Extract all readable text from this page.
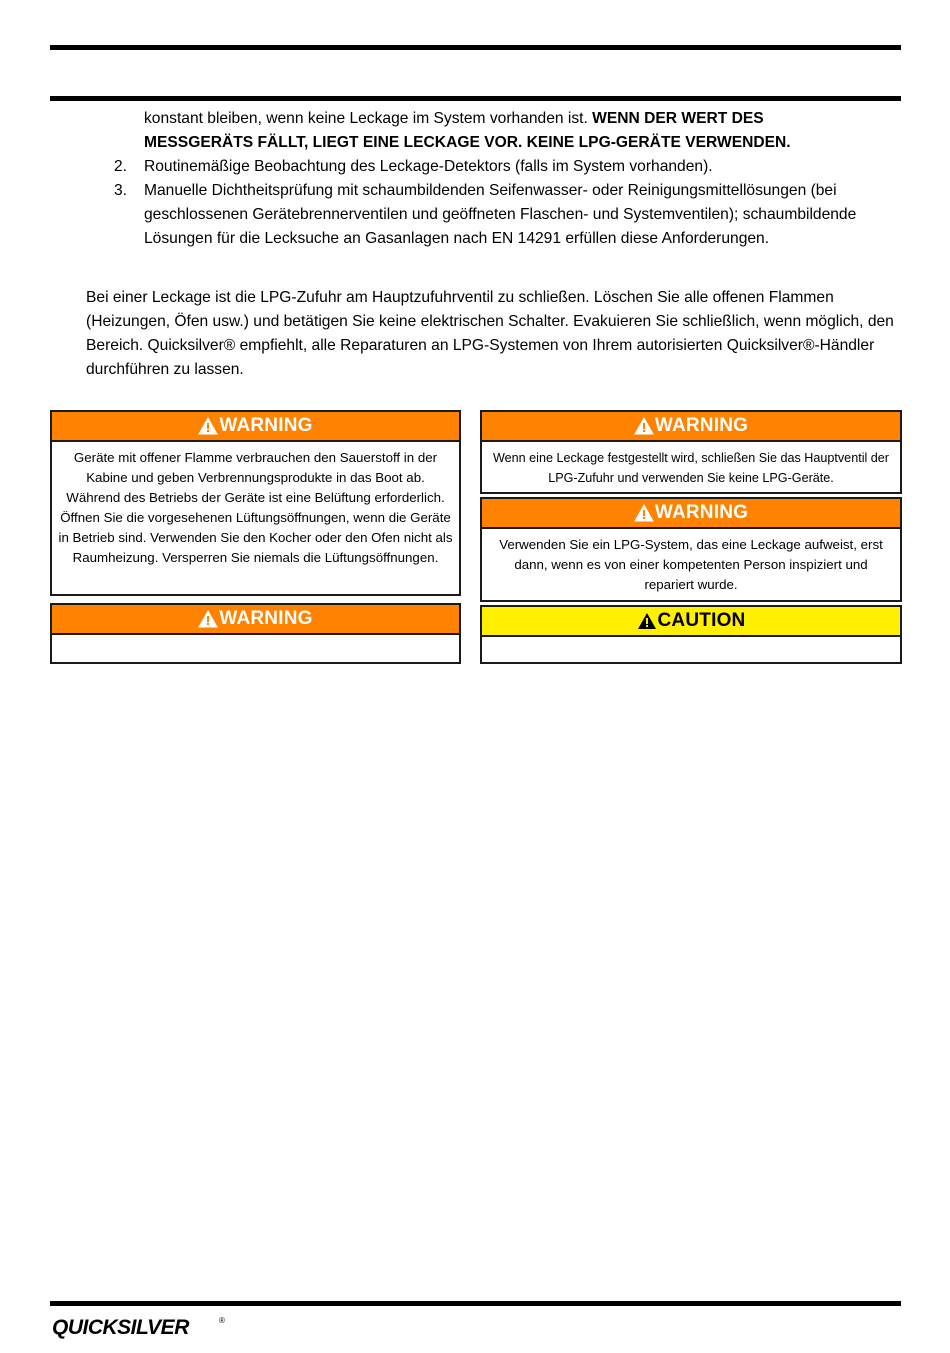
konstant bleiben, wenn keine Leckage im System vorhanden ist. WENN DER WERT DES MESSGERÄTS FÄLLT, LIEGT EINE LECKAGE VOR. KEINE LPG-GERÄTE VERWENDEN.
2. Routinemäßige Beobachtung des Leckage-Detektors (falls im System vorhanden).
3. Manuelle Dichtheitsprüfung mit schaumbildenden Seifenwasser- oder Reinigungsmittellösungen (bei geschlossenen Gerätebrennerventilen und geöffneten Flaschen- und Systemventilen); schaumbildende Lösungen für die Lecksuche an Gasanlagen nach EN 14291 erfüllen diese Anforderungen.
Bei einer Leckage ist die LPG-Zufuhr am Hauptzufuhrventil zu schließen. Löschen Sie alle offenen Flammen (Heizungen, Öfen usw.) und betätigen Sie keine elektrischen Schalter. Evakuieren Sie schließlich, wenn möglich, den Bereich. Quicksilver® empfiehlt, alle Reparaturen an LPG-Systemen von Ihrem autorisierten Quicksilver®-Händler durchführen zu lassen.
WARNING
Geräte mit offener Flamme verbrauchen den Sauerstoff in der Kabine und geben Verbrennungsprodukte in das Boot ab. Während des Betriebs der Geräte ist eine Belüftung erforderlich. Öffnen Sie die vorgesehenen Lüftungsöffnungen, wenn die Geräte in Betrieb sind. Verwenden Sie den Kocher oder den Ofen nicht als Raumheizung. Versperren Sie niemals die Lüftungsöffnungen.
WARNING
WARNING
Wenn eine Leckage festgestellt wird, schließen Sie das Hauptventil der LPG-Zufuhr und verwenden Sie keine LPG-Geräte.
WARNING
Verwenden Sie ein LPG-System, das eine Leckage aufweist, erst dann, wenn es von einer kompetenten Person inspiziert und repariert wurde.
CAUTION
QUICKSILVER	®
